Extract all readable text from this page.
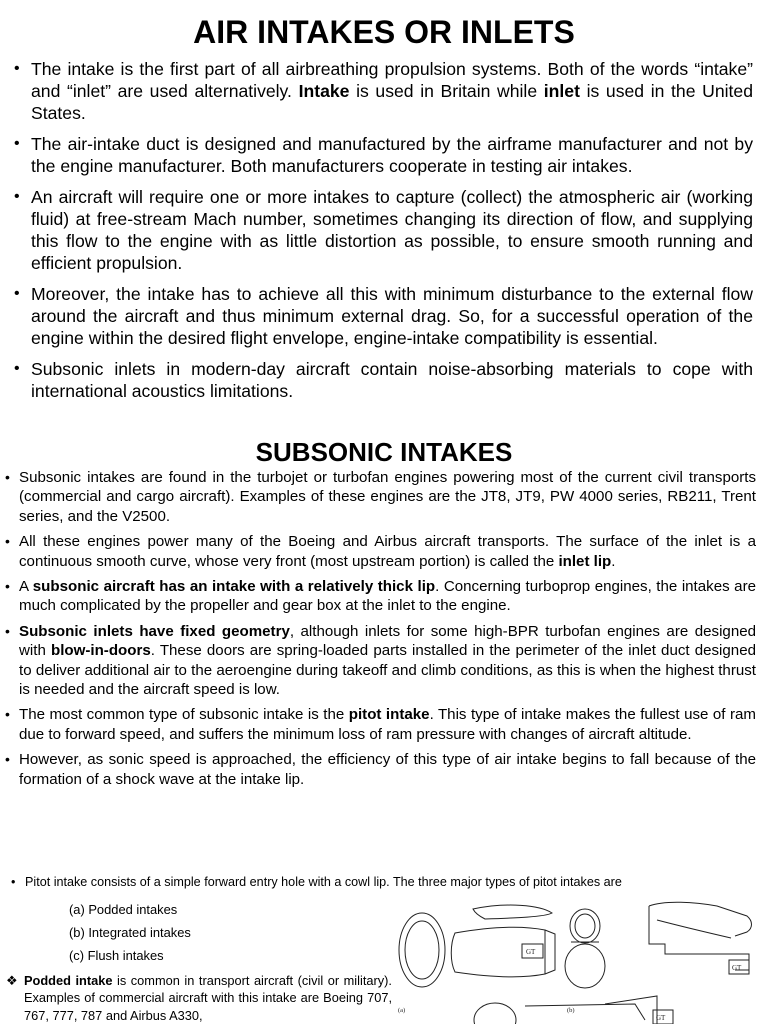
AIR INTAKES OR INLETS
• The intake is the first part of all airbreathing propulsion systems. Both of the words “intake” and “inlet” are used alternatively. Intake is used in Britain while inlet is used in the United States.
• The air-intake duct is designed and manufactured by the airframe manufacturer and not by the engine manufacturer. Both manufacturers cooperate in testing air intakes.
• An aircraft will require one or more intakes to capture (collect) the atmospheric air (working fluid) at free-stream Mach number, sometimes changing its direction of flow, and supplying this flow to the engine with as little distortion as possible, to ensure smooth running and efficient propulsion.
• Moreover, the intake has to achieve all this with minimum disturbance to the external flow around the aircraft and thus minimum external drag. So, for a successful operation of the engine within the desired flight envelope, engine-intake compatibility is essential.
• Subsonic inlets in modern-day aircraft contain noise-absorbing materials to cope with international acoustics limitations.
SUBSONIC INTAKES
• Subsonic intakes are found in the turbojet or turbofan engines powering most of the current civil transports (commercial and cargo aircraft). Examples of these engines are the JT8, JT9, PW 4000 series, RB211, Trent series, and the V2500.
• All these engines power many of the Boeing and Airbus aircraft transports. The surface of the inlet is a continuous smooth curve, whose very front (most upstream portion) is called the inlet lip.
• A subsonic aircraft has an intake with a relatively thick lip. Concerning turboprop engines, the intakes are much complicated by the propeller and gear box at the inlet to the engine.
• Subsonic inlets have fixed geometry, although inlets for some high-BPR turbofan engines are designed with blow-in-doors. These doors are spring-loaded parts installed in the perimeter of the inlet duct designed to deliver additional air to the aeroengine during takeoff and climb conditions, as this is when the highest thrust is needed and the aircraft speed is low.
• The most common type of subsonic intake is the pitot intake. This type of intake makes the fullest use of ram due to forward speed, and suffers the minimum loss of ram pressure with changes of aircraft altitude.
• However, as sonic speed is approached, the efficiency of this type of air intake begins to fall because of the formation of a shock wave at the intake lip.
• Pitot intake consists of a simple forward entry hole with a cowl lip. The three major types of pitot intakes are
(a) Podded intakes
(b) Integrated intakes
(c) Flush intakes
❖ Podded intake is common in transport aircraft (civil or military). Examples of commercial aircraft with this intake are Boeing 707, 767, 777, 787 and Airbus A330,
GT
(a)
GT
(b)
GT
